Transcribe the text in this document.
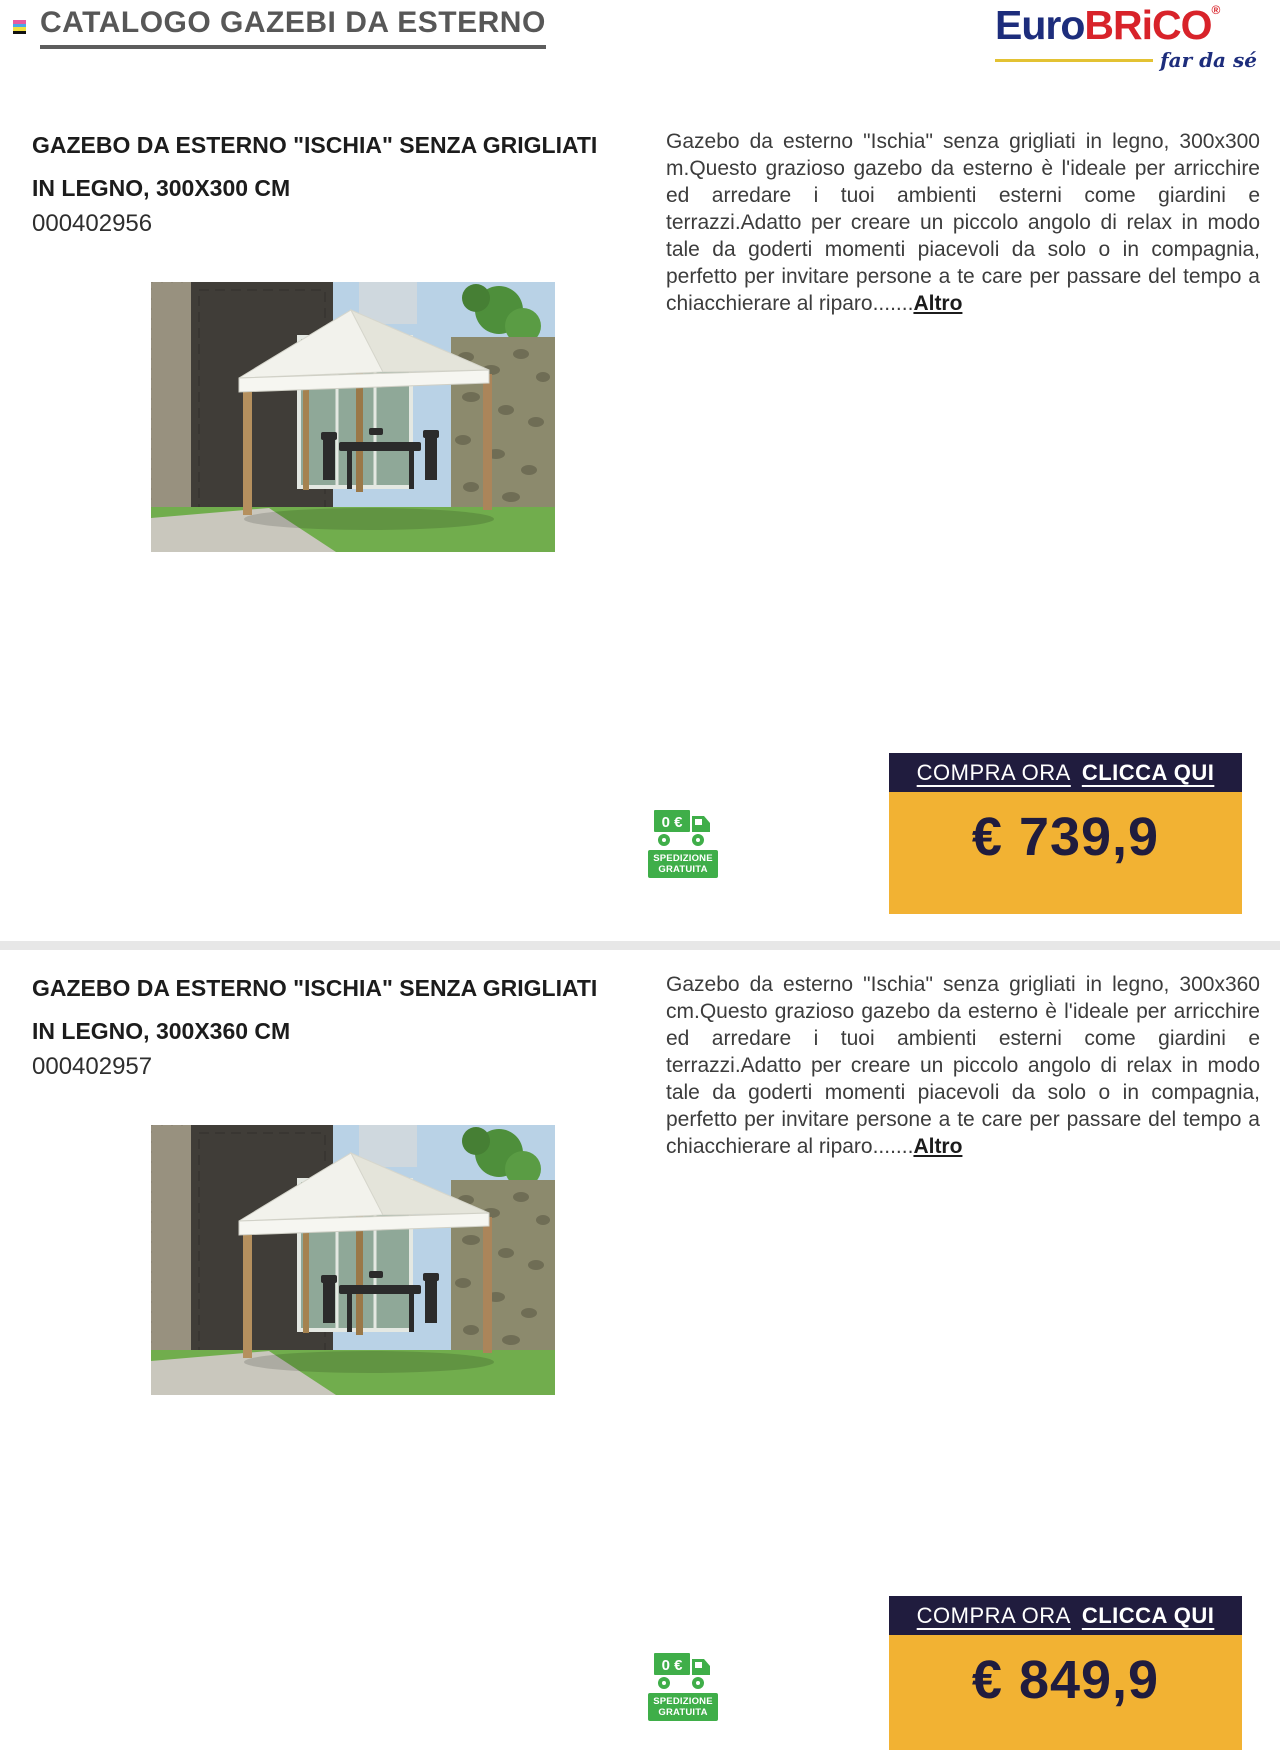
CATALOGO GAZEBI DA ESTERNO	EuroBRiCO®
far da sé
GAZEBO DA ESTERNO "ISCHIA" SENZA GRIGLIATI IN LEGNO, 300X300 CM
000402956
Gazebo da esterno "Ischia" senza grigliati in legno, 300x300 m.Questo grazioso gazebo da esterno è l'ideale per arricchire ed arredare i tuoi ambienti esterni come giardini e terrazzi.Adatto per creare un piccolo angolo di relax in modo tale da goderti momenti piacevoli da solo o in compagnia, perfetto per invitare persone a te care per passare del tempo a chiacchierare al riparo.......Altro
0 €
SPEDIZIONE
GRATUITA
COMPRA ORA CLICCA QUI
€ 739,9
GAZEBO DA ESTERNO "ISCHIA" SENZA GRIGLIATI IN LEGNO, 300X360 CM
000402957
Gazebo da esterno "Ischia" senza grigliati in legno, 300x360 cm.Questo grazioso gazebo da esterno è l'ideale per arricchire ed arredare i tuoi ambienti esterni come giardini e terrazzi.Adatto per creare un piccolo angolo di relax in modo tale da goderti momenti piacevoli da solo o in compagnia, perfetto per invitare persone a te care per passare del tempo a chiacchierare al riparo.......Altro
0 €
SPEDIZIONE
GRATUITA
COMPRA ORA CLICCA QUI
€ 849,9
